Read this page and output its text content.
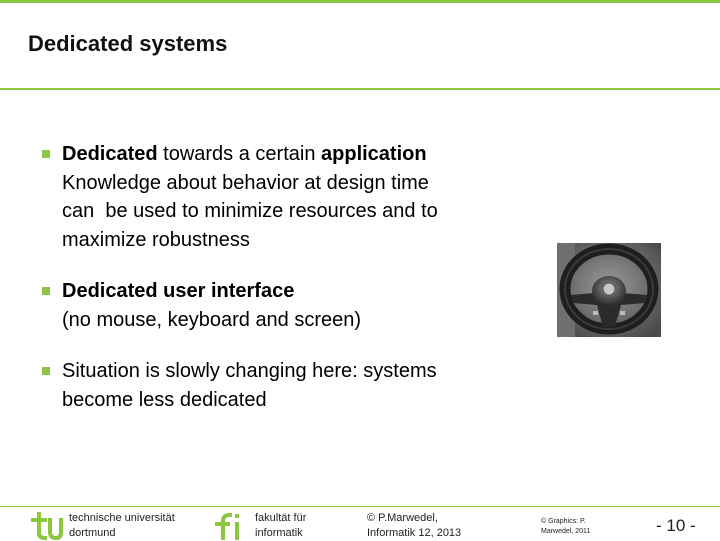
Dedicated systems
Dedicated towards a certain application
Knowledge about behavior at design time
can  be used to minimize resources and to
maximize robustness
Dedicated user interface
(no mouse, keyboard and screen)
Situation is slowly changing here: systems
become less dedicated
technische universität
dortmund
fakultät für
informatik
© P.Marwedel,
Informatik 12, 2013
© Graphics: P.
Marwedel, 2011	- 10 -
